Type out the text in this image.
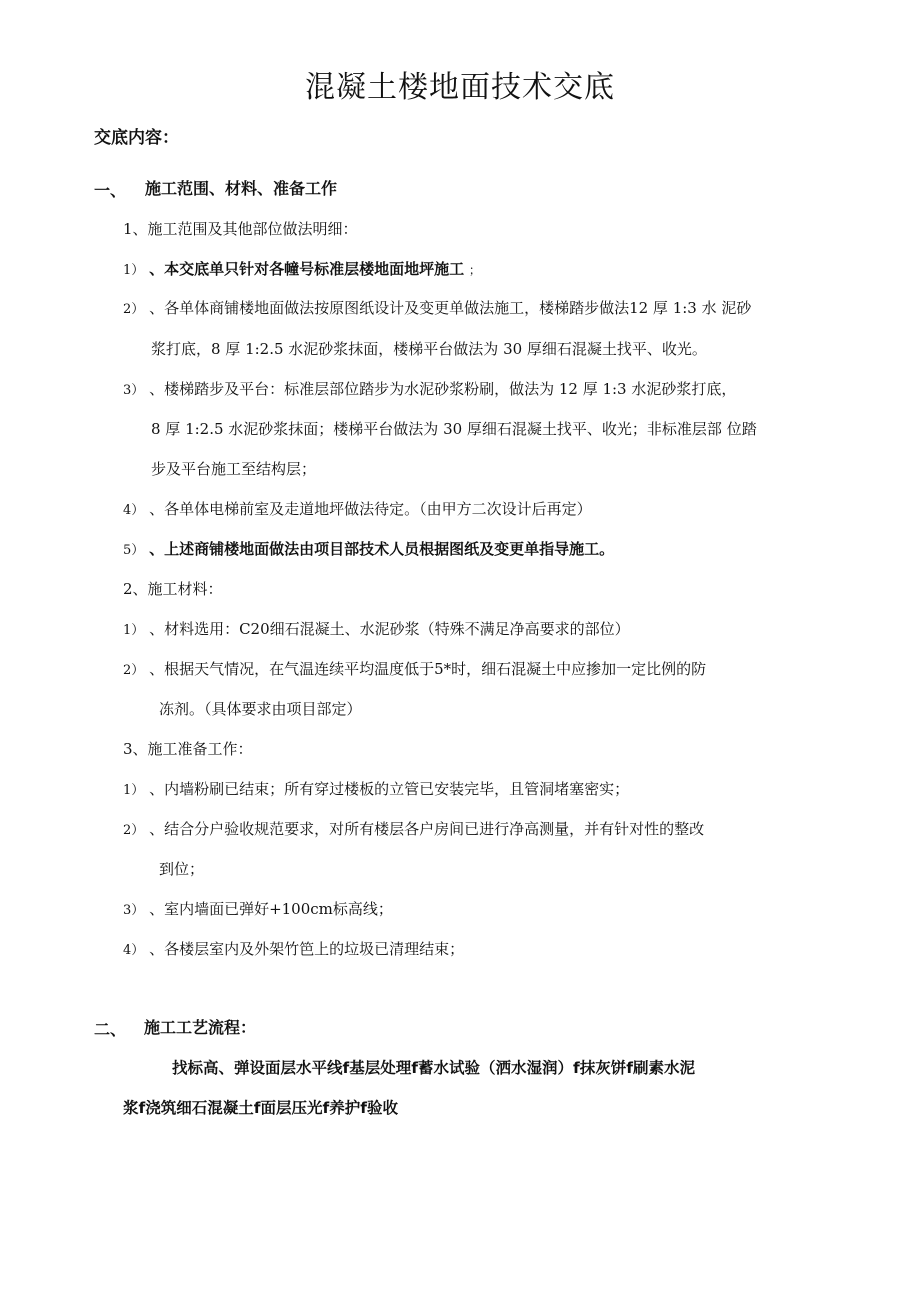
混凝土楼地面技术交底
交底内容：
一、 施工范围、材料、准备工作
1、施工范围及其他部位做法明细：
1） 、本交底单只针对各幢号标准层楼地面地坪施工 ；
2） 、各单体商铺楼地面做法按原图纸设计及变更单做法施工，楼梯踏步做法12 厚 1:3 水 泥砂
浆打底，8 厚 1:2.5 水泥砂浆抹面，楼梯平台做法为 30 厚细石混凝土找平、收光。
3） 、楼梯踏步及平台：标准层部位踏步为水泥砂浆粉刷，做法为 12 厚 1:3 水泥砂浆打底，
8 厚 1:2.5 水泥砂浆抹面；楼梯平台做法为 30 厚细石混凝土找平、收光；非标准层部 位踏
步及平台施工至结构层；
4） 、各单体电梯前室及走道地坪做法待定。（由甲方二次设计后再定）
5） 、上述商铺楼地面做法由项目部技术人员根据图纸及变更单指导施工。
2、施工材料：
1） 、材料选用：C20细石混凝土、水泥砂浆（特殊不满足净高要求的部位）
2） 、根据天气情况，在气温连续平均温度低于5*时，细石混凝土中应掺加一定比例的防
冻剂。（具体要求由项目部定）
3、施工准备工作：
1） 、内墙粉刷已结束；所有穿过楼板的立管已安装完毕，且管洞堵塞密实；
2） 、结合分户验收规范要求，对所有楼层各户房间已进行净高测量，并有针对性的整改
到位；
3） 、室内墙面已弹好+100cm标高线；
4） 、各楼层室内及外架竹笆上的垃圾已清理结束；
二、 施工工艺流程：
找标高、弹设面层水平线f基层处理f蓄水试验（洒水湿润）f抹灰饼f刷素水泥
浆f浇筑细石混凝土f面层压光f养护f验收
